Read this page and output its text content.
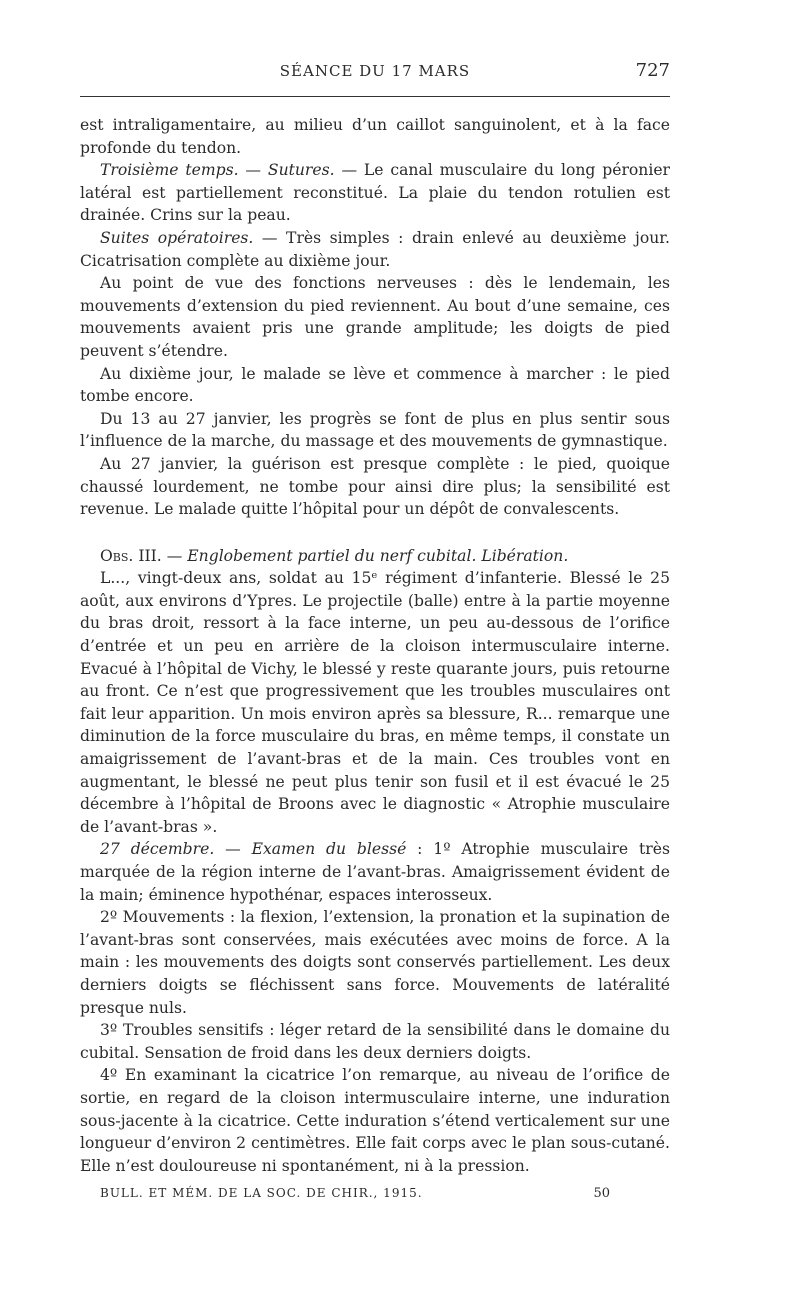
SÉANCE DU 17 MARS	727

est intraligamentaire, au milieu d’un caillot sanguinolent, et à la face profonde du tendon.

Troisième temps. — Sutures. — Le canal musculaire du long péronier latéral est partiellement reconstitué. La plaie du tendon rotulien est drainée. Crins sur la peau.

Suites opératoires. — Très simples : drain enlevé au deuxième jour. Cicatrisation complète au dixième jour.

Au point de vue des fonctions nerveuses : dès le lendemain, les mouvements d’extension du pied reviennent. Au bout d’une semaine, ces mouvements avaient pris une grande amplitude; les doigts de pied peuvent s’étendre.

Au dixième jour, le malade se lève et commence à marcher : le pied tombe encore.

Du 13 au 27 janvier, les progrès se font de plus en plus sentir sous l’influence de la marche, du massage et des mouvements de gymnastique.

Au 27 janvier, la guérison est presque complète : le pied, quoique chaussé lourdement, ne tombe pour ainsi dire plus; la sensibilité est revenue. Le malade quitte l’hôpital pour un dépôt de convalescents.

Obs. III. — Englobement partiel du nerf cubital. Libération.

L..., vingt-deux ans, soldat au 15ᵉ régiment d’infanterie. Blessé le 25 août, aux environs d’Ypres. Le projectile (balle) entre à la partie moyenne du bras droit, ressort à la face interne, un peu au-dessous de l’orifice d’entrée et un peu en arrière de la cloison intermusculaire interne. Evacué à l’hôpital de Vichy, le blessé y reste quarante jours, puis retourne au front. Ce n’est que progressivement que les troubles musculaires ont fait leur apparition. Un mois environ après sa blessure, R... remarque une diminution de la force musculaire du bras, en même temps, il constate un amaigrissement de l’avant-bras et de la main. Ces troubles vont en augmentant, le blessé ne peut plus tenir son fusil et il est évacué le 25 décembre à l’hôpital de Broons avec le diagnostic « Atrophie musculaire de l’avant-bras ».

27 décembre. — Examen du blessé : 1º Atrophie musculaire très marquée de la région interne de l’avant-bras. Amaigrissement évident de la main; éminence hypothénar, espaces interosseux.

2º Mouvements : la flexion, l’extension, la pronation et la supination de l’avant-bras sont conservées, mais exécutées avec moins de force. A la main : les mouvements des doigts sont conservés partiellement. Les deux derniers doigts se fléchissent sans force. Mouvements de latéralité presque nuls.

3º Troubles sensitifs : léger retard de la sensibilité dans le domaine du cubital. Sensation de froid dans les deux derniers doigts.

4º En examinant la cicatrice l’on remarque, au niveau de l’orifice de sortie, en regard de la cloison intermusculaire interne, une induration sous-jacente à la cicatrice. Cette induration s’étend verticalement sur une longueur d’environ 2 centimètres. Elle fait corps avec le plan sous-cutané. Elle n’est douloureuse ni spontanément, ni à la pression.

BULL. ET MÉM. DE LA SOC. DE CHIR., 1915.	50
